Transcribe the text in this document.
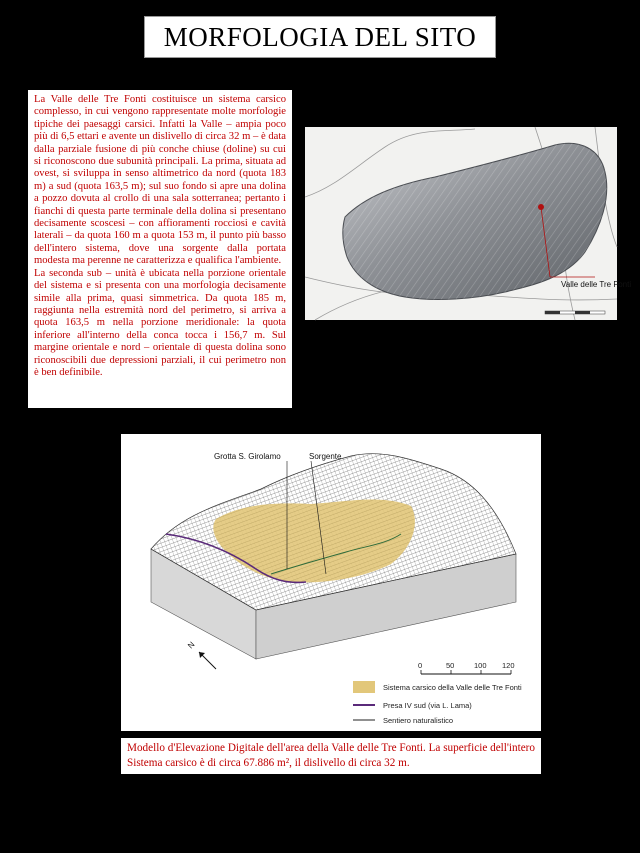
MORFOLOGIA DEL SITO

La Valle delle Tre Fonti costituisce un sistema carsico complesso, in cui vengono rappresentate molte morfologie tipiche dei paesaggi carsici. Infatti la Valle – ampia poco più di 6,5 ettari e avente un dislivello di circa 32 m – è data dalla parziale fusione di più conche chiuse (doline) su cui si riconoscono due subunità principali. La prima, situata ad ovest, si sviluppa in senso altimetrico da nord (quota 183 m) a sud (quota 163,5 m); sul suo fondo si apre una dolina a pozzo dovuta al crollo di una sala sotterranea; pertanto i fianchi di questa parte terminale della dolina si presentano decisamente scoscesi – con affioramenti rocciosi e cavità laterali – da quota 160 m a quota 153 m, il punto più basso dell'intero sistema, dove una sorgente dalla portata modesta ma perenne ne caratterizza e qualifica l'ambiente.

La seconda sub – unità è ubicata nella porzione orientale del sistema e si presenta con una morfologia decisamente simile alla prima, quasi simmetrica. Da quota 185 m, raggiunta nella estremità nord del perimetro, si arriva a quota 163,5 m nella porzione meridionale: la quota inferiore all'interno della conca tocca i 156,7 m. Sul margine orientale e nord – orientale di questa dolina sono riconoscibili due depressioni parziali, il cui perimetro non è ben definibile.

Valle delle Tre Fonti
Grotta S. Girolamo	Sorgente
N
0	50	100 120
Sistema carsico della Valle delle Tre Fonti
Presa IV sud (via L. Lama)
Sentiero naturalistico
Modello d'Elevazione Digitale dell'area della Valle delle Tre Fonti. La superficie dell'intero Sistema carsico è di circa 67.886 m², il dislivello di circa 32 m.
